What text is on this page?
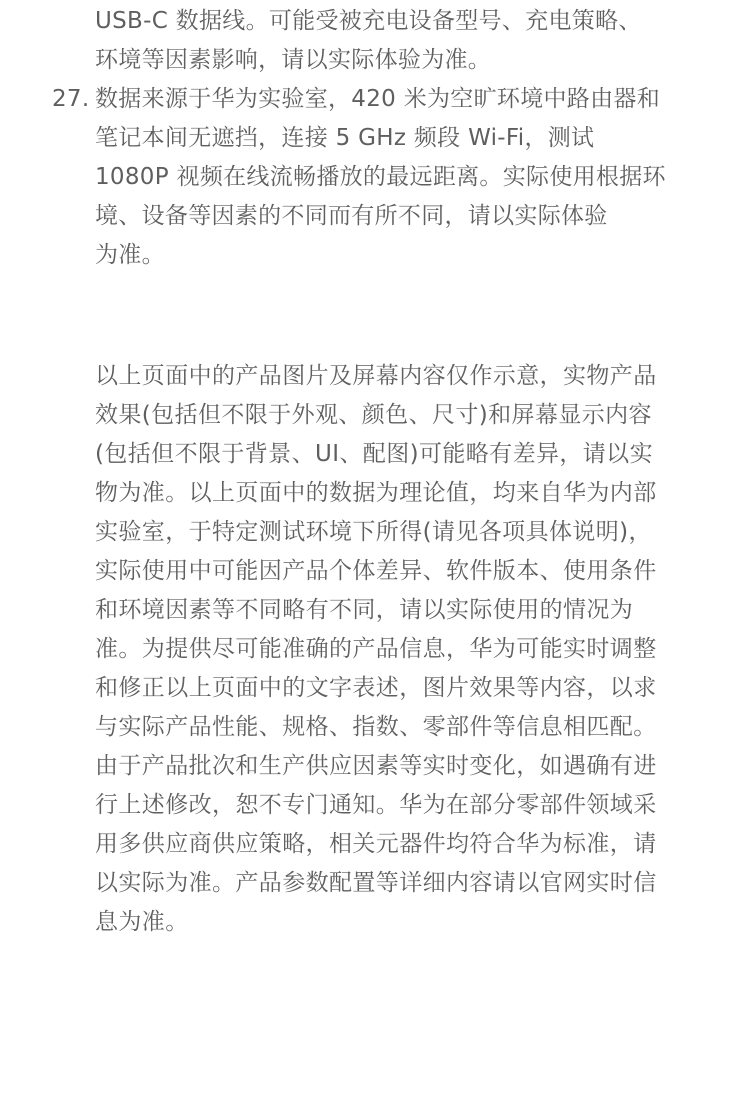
USB-C 数据线。可能受被充电设备型号、充电策略、
环境等因素影响，请以实际体验为准。
27. 数据来源于华为实验室，420 米为空旷环境中路由器和
笔记本间无遮挡，连接 5 GHz 频段 Wi-Fi，测试
1080P 视频在线流畅播放的最远距离。实际使用根据环
境、设备等因素的不同而有所不同，请以实际体验
为准。
以上页面中的产品图片及屏幕内容仅作示意，实物产品
效果(包括但不限于外观、颜色、尺寸)和屏幕显示内容
(包括但不限于背景、UI、配图)可能略有差异，请以实
物为准。以上页面中的数据为理论值，均来自华为内部
实验室，于特定测试环境下所得(请见各项具体说明)，
实际使用中可能因产品个体差异、软件版本、使用条件
和环境因素等不同略有不同，请以实际使用的情况为
准。为提供尽可能准确的产品信息，华为可能实时调整
和修正以上页面中的文字表述，图片效果等内容，以求
与实际产品性能、规格、指数、零部件等信息相匹配。
由于产品批次和生产供应因素等实时变化，如遇确有进
行上述修改，恕不专门通知。华为在部分零部件领域采
用多供应商供应策略，相关元器件均符合华为标准，请
以实际为准。产品参数配置等详细内容请以官网实时信
息为准。
